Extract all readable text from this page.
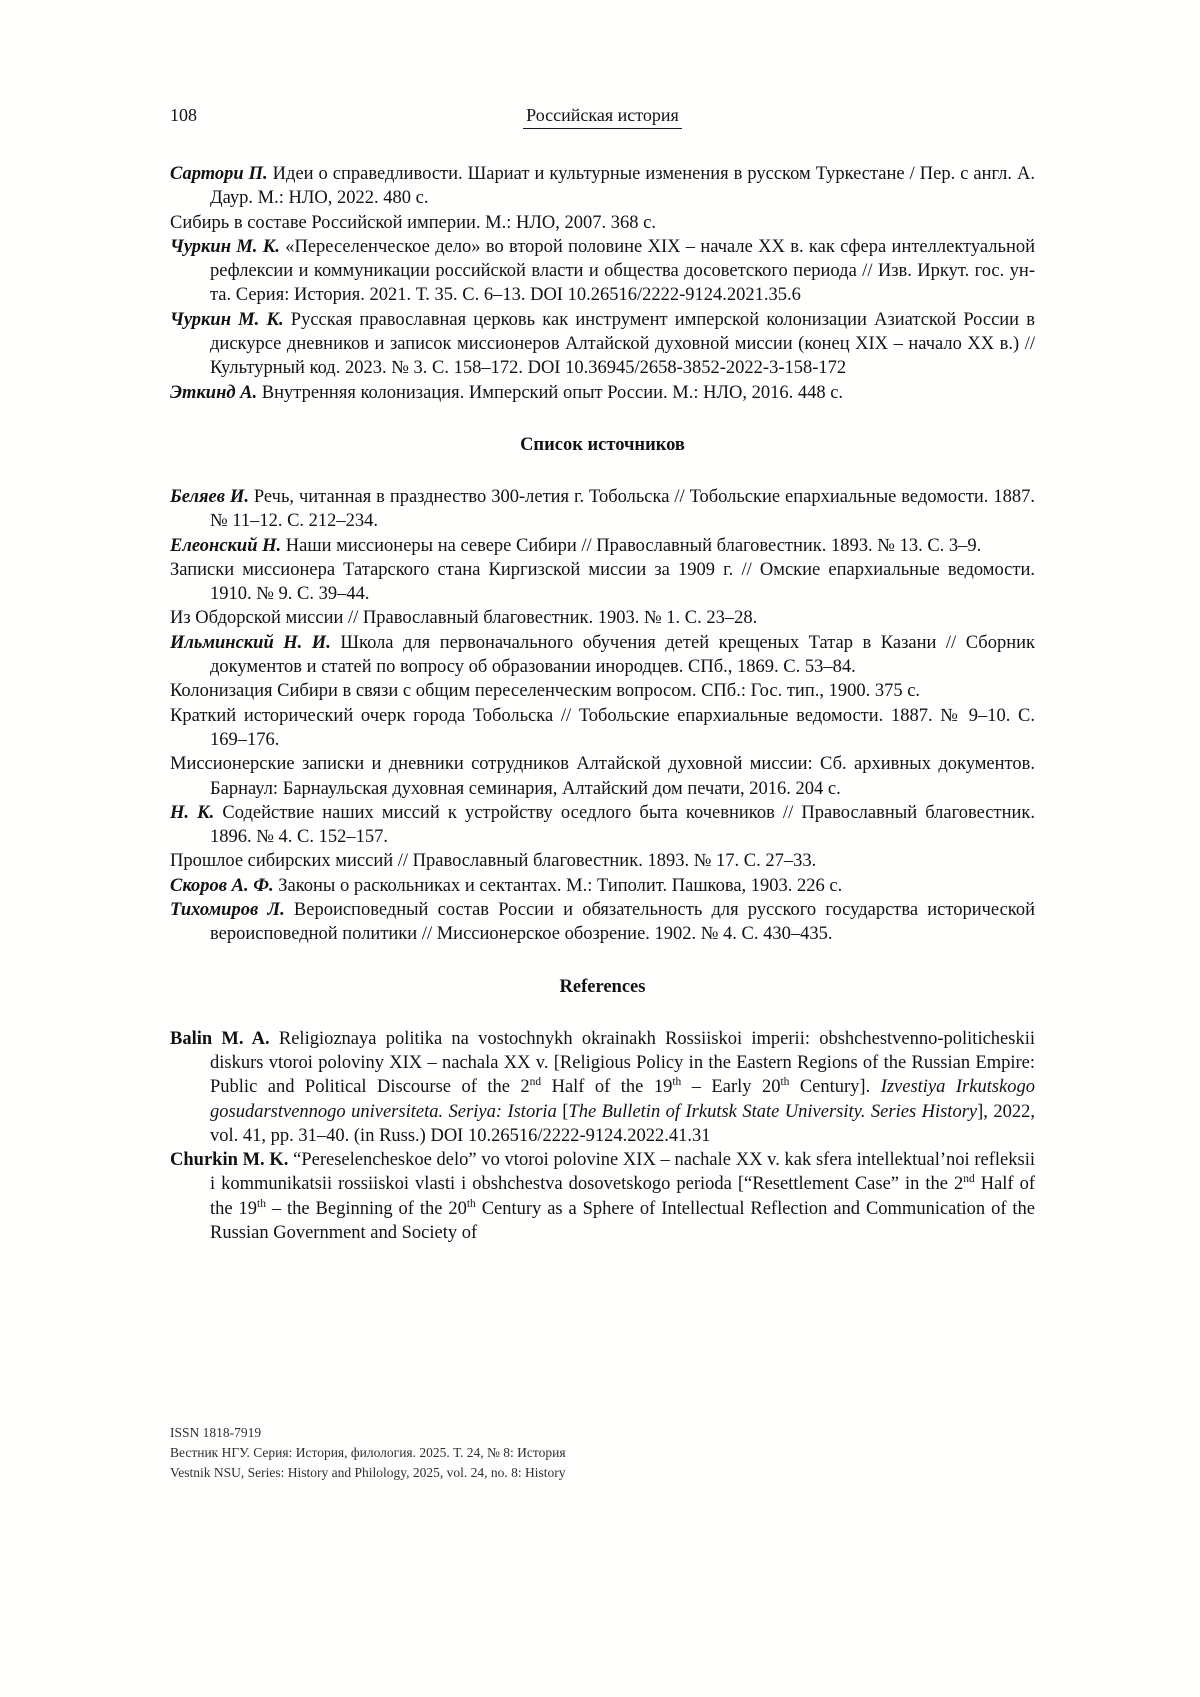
108	Российская история

Сартори П. Идеи о справедливости. Шариат и культурные изменения в русском Туркестане / Пер. с англ. А. Даур. М.: НЛО, 2022. 480 с.

Сибирь в составе Российской империи. М.: НЛО, 2007. 368 с.

Чуркин М. К. «Переселенческое дело» во второй половине XIX – начале XX в. как сфера интеллектуальной рефлексии и коммуникации российской власти и общества досоветского периода // Изв. Иркут. гос. ун-та. Серия: История. 2021. Т. 35. С. 6–13. DOI 10.26516/2222-9124.2021.35.6

Чуркин М. К. Русская православная церковь как инструмент имперской колонизации Азиатской России в дискурсе дневников и записок миссионеров Алтайской духовной миссии (конец XIX – начало XX в.) // Культурный код. 2023. № 3. С. 158–172. DOI 10.36945/2658-3852-2022-3-158-172

Эткинд А. Внутренняя колонизация. Имперский опыт России. М.: НЛО, 2016. 448 с.

Список источников

Беляев И. Речь, читанная в празднество 300-летия г. Тобольска // Тобольские епархиальные ведомости. 1887. № 11–12. С. 212–234.

Елеонский Н. Наши миссионеры на севере Сибири // Православный благовестник. 1893. № 13. С. 3–9.

Записки миссионера Татарского стана Киргизской миссии за 1909 г. // Омские епархиальные ведомости. 1910. № 9. С. 39–44.

Из Обдорской миссии // Православный благовестник. 1903. № 1. С. 23–28.

Ильминский Н. И. Школа для первоначального обучения детей крещеных Татар в Казани // Сборник документов и статей по вопросу об образовании инородцев. СПб., 1869. С. 53–84.

Колонизация Сибири в связи с общим переселенческим вопросом. СПб.: Гос. тип., 1900. 375 с.

Краткий исторический очерк города Тобольска // Тобольские епархиальные ведомости. 1887. № 9–10. С. 169–176.

Миссионерские записки и дневники сотрудников Алтайской духовной миссии: Сб. архивных документов. Барнаул: Барнаульская духовная семинария, Алтайский дом печати, 2016. 204 с.

Н. К. Содействие наших миссий к устройству оседлого быта кочевников // Православный благовестник. 1896. № 4. С. 152–157.

Прошлое сибирских миссий // Православный благовестник. 1893. № 17. С. 27–33.

Скоров А. Ф. Законы о раскольниках и сектантах. М.: Типолит. Пашкова, 1903. 226 с.

Тихомиров Л. Вероисповедный состав России и обязательность для русского государства исторической вероисповедной политики // Миссионерское обозрение. 1902. № 4. С. 430–435.

References

Balin M. A. Religioznaya politika na vostochnykh okrainakh Rossiiskoi imperii: obshchestvenno-politicheskii diskurs vtoroi poloviny XIX – nachala XX v. [Religious Policy in the Eastern Regions of the Russian Empire: Public and Political Discourse of the 2nd Half of the 19th – Early 20th Century]. Izvestiya Irkutskogo gosudarstvennogo universiteta. Seriya: Istoria [The Bulletin of Irkutsk State University. Series History], 2022, vol. 41, pp. 31–40. (in Russ.) DOI 10.26516/2222-9124.2022.41.31

Churkin M. K. “Pereselencheskoe delo” vo vtoroi polovine XIX – nachale XX v. kak sfera intellektual’noi refleksii i kommunikatsii rossiiskoi vlasti i obshchestva dosovetskogo perioda [“Resettlement Case” in the 2nd Half of the 19th – the Beginning of the 20th Century as a Sphere of Intellectual Reflection and Communication of the Russian Government and Society of

ISSN 1818-7919
Вестник НГУ. Серия: История, филология. 2025. Т. 24, № 8: История
Vestnik NSU, Series: History and Philology, 2025, vol. 24, no. 8: History
